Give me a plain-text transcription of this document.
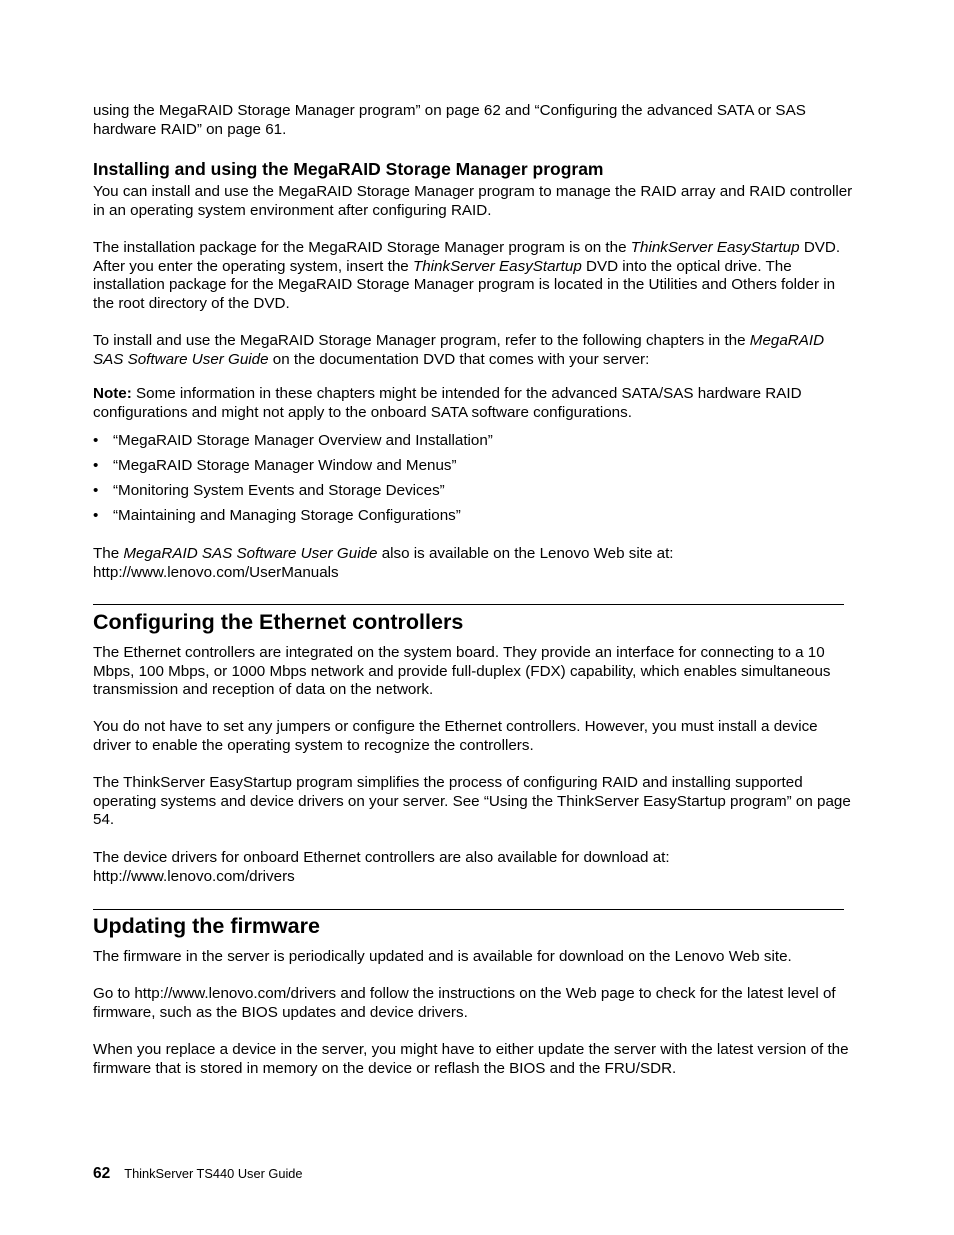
using the MegaRAID Storage Manager program” on page 62 and “Configuring the advanced SATA or SAS hardware RAID” on page 61.

Installing and using the MegaRAID Storage Manager program

You can install and use the MegaRAID Storage Manager program to manage the RAID array and RAID controller in an operating system environment after configuring RAID.

The installation package for the MegaRAID Storage Manager program is on the ThinkServer EasyStartup DVD. After you enter the operating system, insert the ThinkServer EasyStartup DVD into the optical drive. The installation package for the MegaRAID Storage Manager program is located in the Utilities and Others folder in the root directory of the DVD.

To install and use the MegaRAID Storage Manager program, refer to the following chapters in the MegaRAID SAS Software User Guide on the documentation DVD that comes with your server:

Note: Some information in these chapters might be intended for the advanced SATA/SAS hardware RAID configurations and might not apply to the onboard SATA software configurations.

• “MegaRAID Storage Manager Overview and Installation”
• “MegaRAID Storage Manager Window and Menus”
• “Monitoring System Events and Storage Devices”
• “Maintaining and Managing Storage Configurations”

The MegaRAID SAS Software User Guide also is available on the Lenovo Web site at:
http://www.lenovo.com/UserManuals

Configuring the Ethernet controllers

The Ethernet controllers are integrated on the system board. They provide an interface for connecting to a 10 Mbps, 100 Mbps, or 1000 Mbps network and provide full-duplex (FDX) capability, which enables simultaneous transmission and reception of data on the network.

You do not have to set any jumpers or configure the Ethernet controllers. However, you must install a device driver to enable the operating system to recognize the controllers.

The ThinkServer EasyStartup program simplifies the process of configuring RAID and installing supported operating systems and device drivers on your server. See “Using the ThinkServer EasyStartup program” on page 54.

The device drivers for onboard Ethernet controllers are also available for download at:
http://www.lenovo.com/drivers

Updating the firmware

The firmware in the server is periodically updated and is available for download on the Lenovo Web site.

Go to http://www.lenovo.com/drivers and follow the instructions on the Web page to check for the latest level of firmware, such as the BIOS updates and device drivers.

When you replace a device in the server, you might have to either update the server with the latest version of the firmware that is stored in memory on the device or reflash the BIOS and the FRU/SDR.

62 ThinkServer TS440 User Guide
